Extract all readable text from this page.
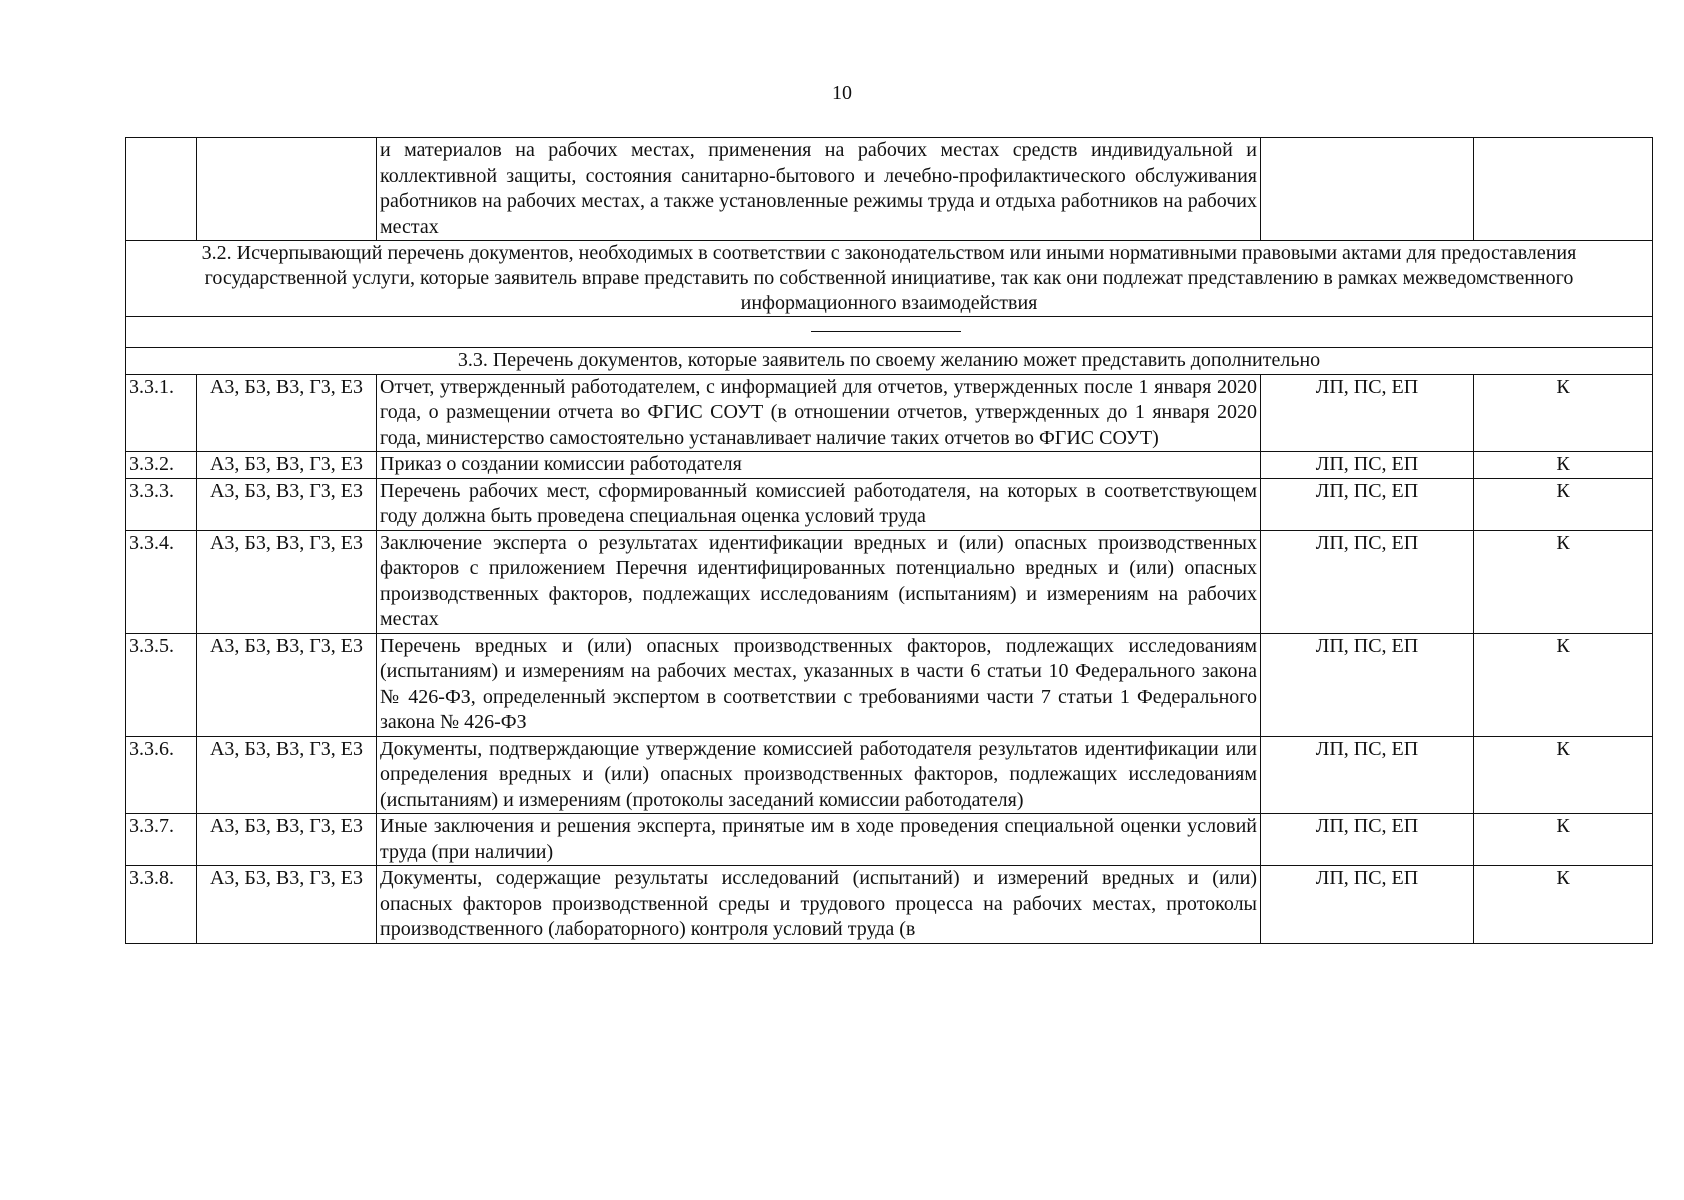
10
		и материалов на рабочих местах, применения на рабочих местах средств индивидуальной и коллективной защиты, состояния санитарно-бытового и лечебно-профилактического обслуживания работников на рабочих местах, а также установленные режимы труда и отдыха работников на рабочих местах		
3.2. Исчерпывающий перечень документов, необходимых в соответствии с законодательством или иными нормативными правовыми актами для предоставления государственной услуги, которые заявитель вправе представить по собственной инициативе, так как они подлежат представлению в рамках межведомственного информационного взаимодействия				

3.3. Перечень документов, которые заявитель по своему желанию может представить дополнительно				
3.3.1.	А3, Б3, В3, Г3, Е3	Отчет, утвержденный работодателем, с информацией для отчетов, утвержденных после 1 января 2020 года, о размещении отчета во ФГИС СОУТ (в отношении отчетов, утвержденных до 1 января 2020 года, министерство самостоятельно устанавливает наличие таких отчетов во ФГИС СОУТ)	ЛП, ПС, ЕП	К
3.3.2.	А3, Б3, В3, Г3, Е3	Приказ о создании комиссии работодателя	ЛП, ПС, ЕП	К
3.3.3.	А3, Б3, В3, Г3, Е3	Перечень рабочих мест, сформированный комиссией работодателя, на которых в соответствующем году должна быть проведена специальная оценка условий труда	ЛП, ПС, ЕП	К
3.3.4.	А3, Б3, В3, Г3, Е3	Заключение эксперта о результатах идентификации вредных и (или) опасных производственных факторов с приложением Перечня идентифицированных потенциально вредных и (или) опасных производственных факторов, подлежащих исследованиям (испытаниям) и измерениям на рабочих местах	ЛП, ПС, ЕП	К
3.3.5.	А3, Б3, В3, Г3, Е3	Перечень вредных и (или) опасных производственных факторов, подлежащих исследованиям (испытаниям) и измерениям на рабочих местах, указанных в части 6 статьи 10 Федерального закона № 426-ФЗ, определенный экспертом в соответствии с требованиями части 7 статьи 1 Федерального закона № 426-ФЗ	ЛП, ПС, ЕП	К
3.3.6.	А3, Б3, В3, Г3, Е3	Документы, подтверждающие утверждение комиссией работодателя результатов идентификации или определения вредных и (или) опасных производственных факторов, подлежащих исследованиям (испытаниям) и измерениям (протоколы заседаний комиссии работодателя)	ЛП, ПС, ЕП	К
3.3.7.	А3, Б3, В3, Г3, Е3	Иные заключения и решения эксперта, принятые им в ходе проведения специальной оценки условий труда (при наличии)	ЛП, ПС, ЕП	К
3.3.8.	А3, Б3, В3, Г3, Е3	Документы, содержащие результаты исследований (испытаний) и измерений вредных и (или) опасных факторов производственной среды и трудового процесса на рабочих местах, протоколы производственного (лабораторного) контроля условий труда (в	ЛП, ПС, ЕП	К
